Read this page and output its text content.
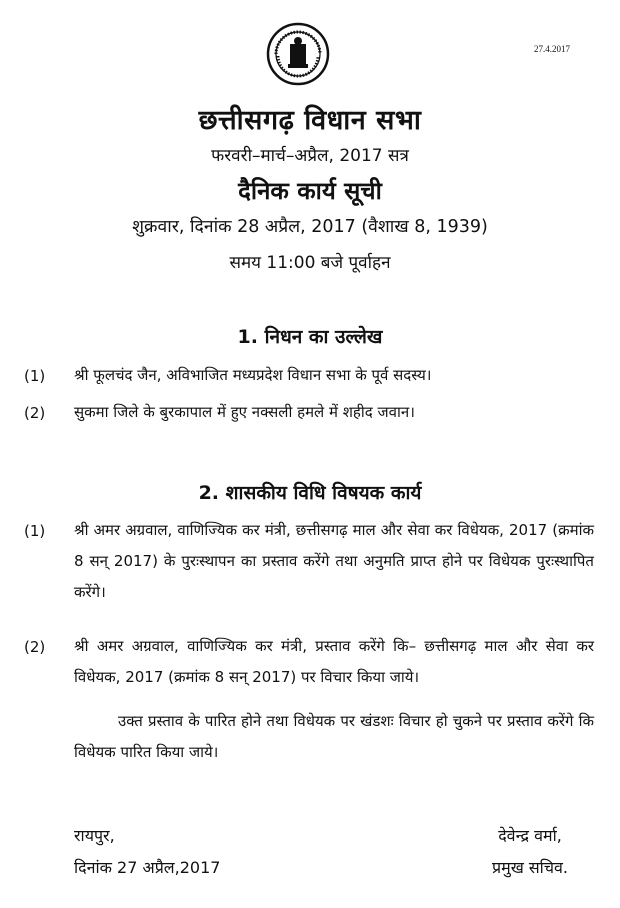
27.4.2017
छत्तीसगढ़ विधान सभा
फरवरी–मार्च–अप्रैल, 2017 सत्र
दैनिक कार्य सूची
शुक्रवार, दिनांक 28 अप्रैल, 2017 (वैशाख 8, 1939)
समय 11:00 बजे पूर्वाहन
1. निधन का उल्लेख
(1) श्री फूलचंद जैन, अविभाजित मध्यप्रदेश विधान सभा के पूर्व सदस्य।
(2) सुकमा जिले के बुरकापाल में हुए नक्सली हमले में शहीद जवान।
2. शासकीय विधि विषयक कार्य
(1) श्री अमर अग्रवाल, वाणिज्यिक कर मंत्री, छत्तीसगढ़ माल और सेवा कर विधेयक, 2017 (क्रमांक 8 सन् 2017) के पुरःस्थापन का प्रस्ताव करेंगे तथा अनुमति प्राप्त होने पर विधेयक पुरःस्थापित करेंगे।
(2) श्री अमर अग्रवाल, वाणिज्यिक कर मंत्री, प्रस्ताव करेंगे कि– छत्तीसगढ़ माल और सेवा कर विधेयक, 2017 (क्रमांक 8 सन् 2017) पर विचार किया जाये।
उक्त प्रस्ताव के पारित होने तथा विधेयक पर खंडशः विचार हो चुकने पर प्रस्ताव करेंगे कि विधेयक पारित किया जाये।
रायपुर,
दिनांक 27 अप्रैल,2017
देवेन्द्र वर्मा,
प्रमुख सचिव.
